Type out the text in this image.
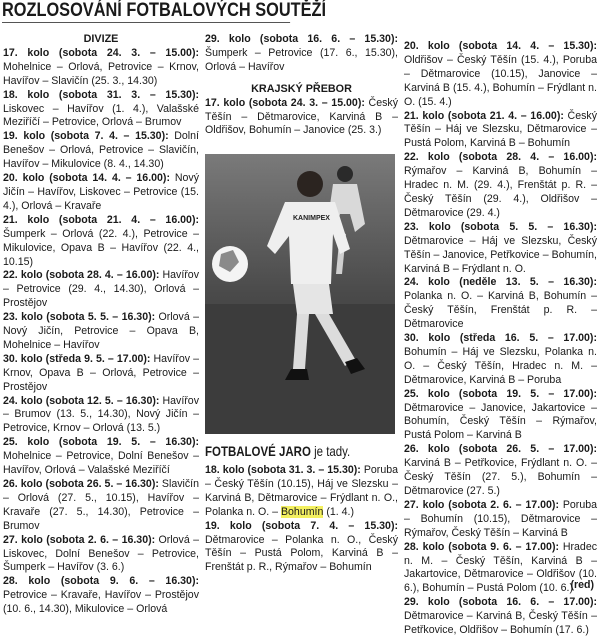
ROZLOSOVÁNÍ FOTBALOVÝCH SOUTĚŽÍ

DIVIZE

17. kolo (sobota 24. 3. – 15.00): Mohelnice – Orlová, Petrovice – Krnov, Havířov – Slavičín (25. 3., 14.30)

18. kolo (sobota 31. 3. – 15.30): Liskovec – Havířov (1. 4.), Valašské Meziříčí – Petrovice, Orlová – Brumov

19. kolo (sobota 7. 4. – 15.30): Dolní Benešov – Orlová, Petrovice – Slavičín, Havířov – Mikulovice (8. 4., 14.30)

20. kolo (sobota 14. 4. – 16.00): Nový Jičín – Havířov, Liskovec – Petrovice (15. 4.), Orlová – Kravaře

21. kolo (sobota 21. 4. – 16.00): Šumperk – Orlová (22. 4.), Petrovice – Mikulovice, Opava B – Havířov (22. 4., 10.15)

22. kolo (sobota 28. 4. – 16.00): Havířov – Petrovice (29. 4., 14.30), Orlová – Prostějov

23. kolo (sobota 5. 5. – 16.30): Orlová – Nový Jičín, Petrovice – Opava B, Mohelnice – Havířov

30. kolo (středa 9. 5. – 17.00): Havířov – Krnov, Opava B – Orlová, Petrovice – Prostějov

24. kolo (sobota 12. 5. – 16.30): Havířov – Brumov (13. 5., 14.30), Nový Jičín – Petrovice, Krnov – Orlová (13. 5.)

25. kolo (sobota 19. 5. – 16.30): Mohelnice – Petrovice, Dolní Benešov – Havířov, Orlová – Valašské Meziříčí

26. kolo (sobota 26. 5. – 16.30): Slavičín – Orlová (27. 5., 10.15), Havířov – Kravaře (27. 5., 14.30), Petrovice – Brumov

27. kolo (sobota 2. 6. – 16.30): Orlová – Liskovec, Dolní Benešov – Petrovice, Šumperk – Havířov (3. 6.)

28. kolo (sobota 9. 6. – 16.30): Petrovice – Kravaře, Havířov – Prostějov (10. 6., 14.30), Mikulovice – Orlová

29. kolo (sobota 16. 6. – 15.30): Šumperk – Petrovice (17. 6., 15.30), Orlová – Havířov

KRAJSKÝ PŘEBOR

17. kolo (sobota 24. 3. – 15.00): Český Těšín – Dětmarovice, Karviná B – Oldřišov, Bohumín – Janovice (25. 3.)

KANIMPEX
FOTBALOVÉ JARO je tady.

18. kolo (sobota 31. 3. – 15.30): Poruba – Český Těšín (10.15), Háj ve Slezsku – Karviná B, Dětmarovice – Frýdlant n. O., Polanka n. O. – Bohumín (1. 4.)

19. kolo (sobota 7. 4. – 15.30): Dětmarovice – Polanka n. O., Český Těšín – Pustá Polom, Karviná B – Frenštát p. R., Rýmařov – Bohumín

20. kolo (sobota 14. 4. – 15.30): Oldřišov – Český Těšín (15. 4.), Poruba – Dětmarovice (10.15), Janovice – Karviná B (15. 4.), Bohumín – Frýdlant n. O. (15. 4.)

21. kolo (sobota 21. 4. – 16.00): Český Těšín – Háj ve Slezsku, Dětmarovice – Pustá Polom, Karviná B – Bohumín

22. kolo (sobota 28. 4. – 16.00): Rýmařov – Karviná B, Bohumín – Hradec n. M. (29. 4.), Frenštát p. R. – Český Těšín (29. 4.), Oldřišov – Dětmarovice (29. 4.)

23. kolo (sobota 5. 5. – 16.30): Dětmarovice – Háj ve Slezsku, Český Těšín – Janovice, Petřkovice – Bohumín, Karviná B – Frýdlant n. O.

24. kolo (neděle 13. 5. – 16.30): Polanka n. O. – Karviná B, Bohumín – Český Těšín, Frenštát p. R. – Dětmarovice

30. kolo (středa 16. 5. – 17.00): Bohumín – Háj ve Slezsku, Polanka n. O. – Český Těšín, Hradec n. M. – Dětmarovice, Karviná B – Poruba

25. kolo (sobota 19. 5. – 17.00): Dětmarovice – Janovice, Jakartovice – Bohumín, Český Těšín – Rýmařov, Pustá Polom – Karviná B

26. kolo (sobota 26. 5. – 17.00): Karviná B – Petřkovice, Frýdlant n. O. – Český Těšín (27. 5.), Bohumín – Dětmarovice (27. 5.)

27. kolo (sobota 2. 6. – 17.00): Poruba – Bohumín (10.15), Dětmarovice – Rýmařov, Český Těšín – Karviná B

28. kolo (sobota 9. 6. – 17.00): Hradec n. M. – Český Těšín, Karviná B – Jakartovice, Dětmarovice – Oldřišov (10. 6.), Bohumín – Pustá Polom (10. 6.)

29. kolo (sobota 16. 6. – 17.00): Dětmarovice – Karviná B, Český Těšín – Petřkovice, Oldřišov – Bohumín (17. 6.)

(red)
